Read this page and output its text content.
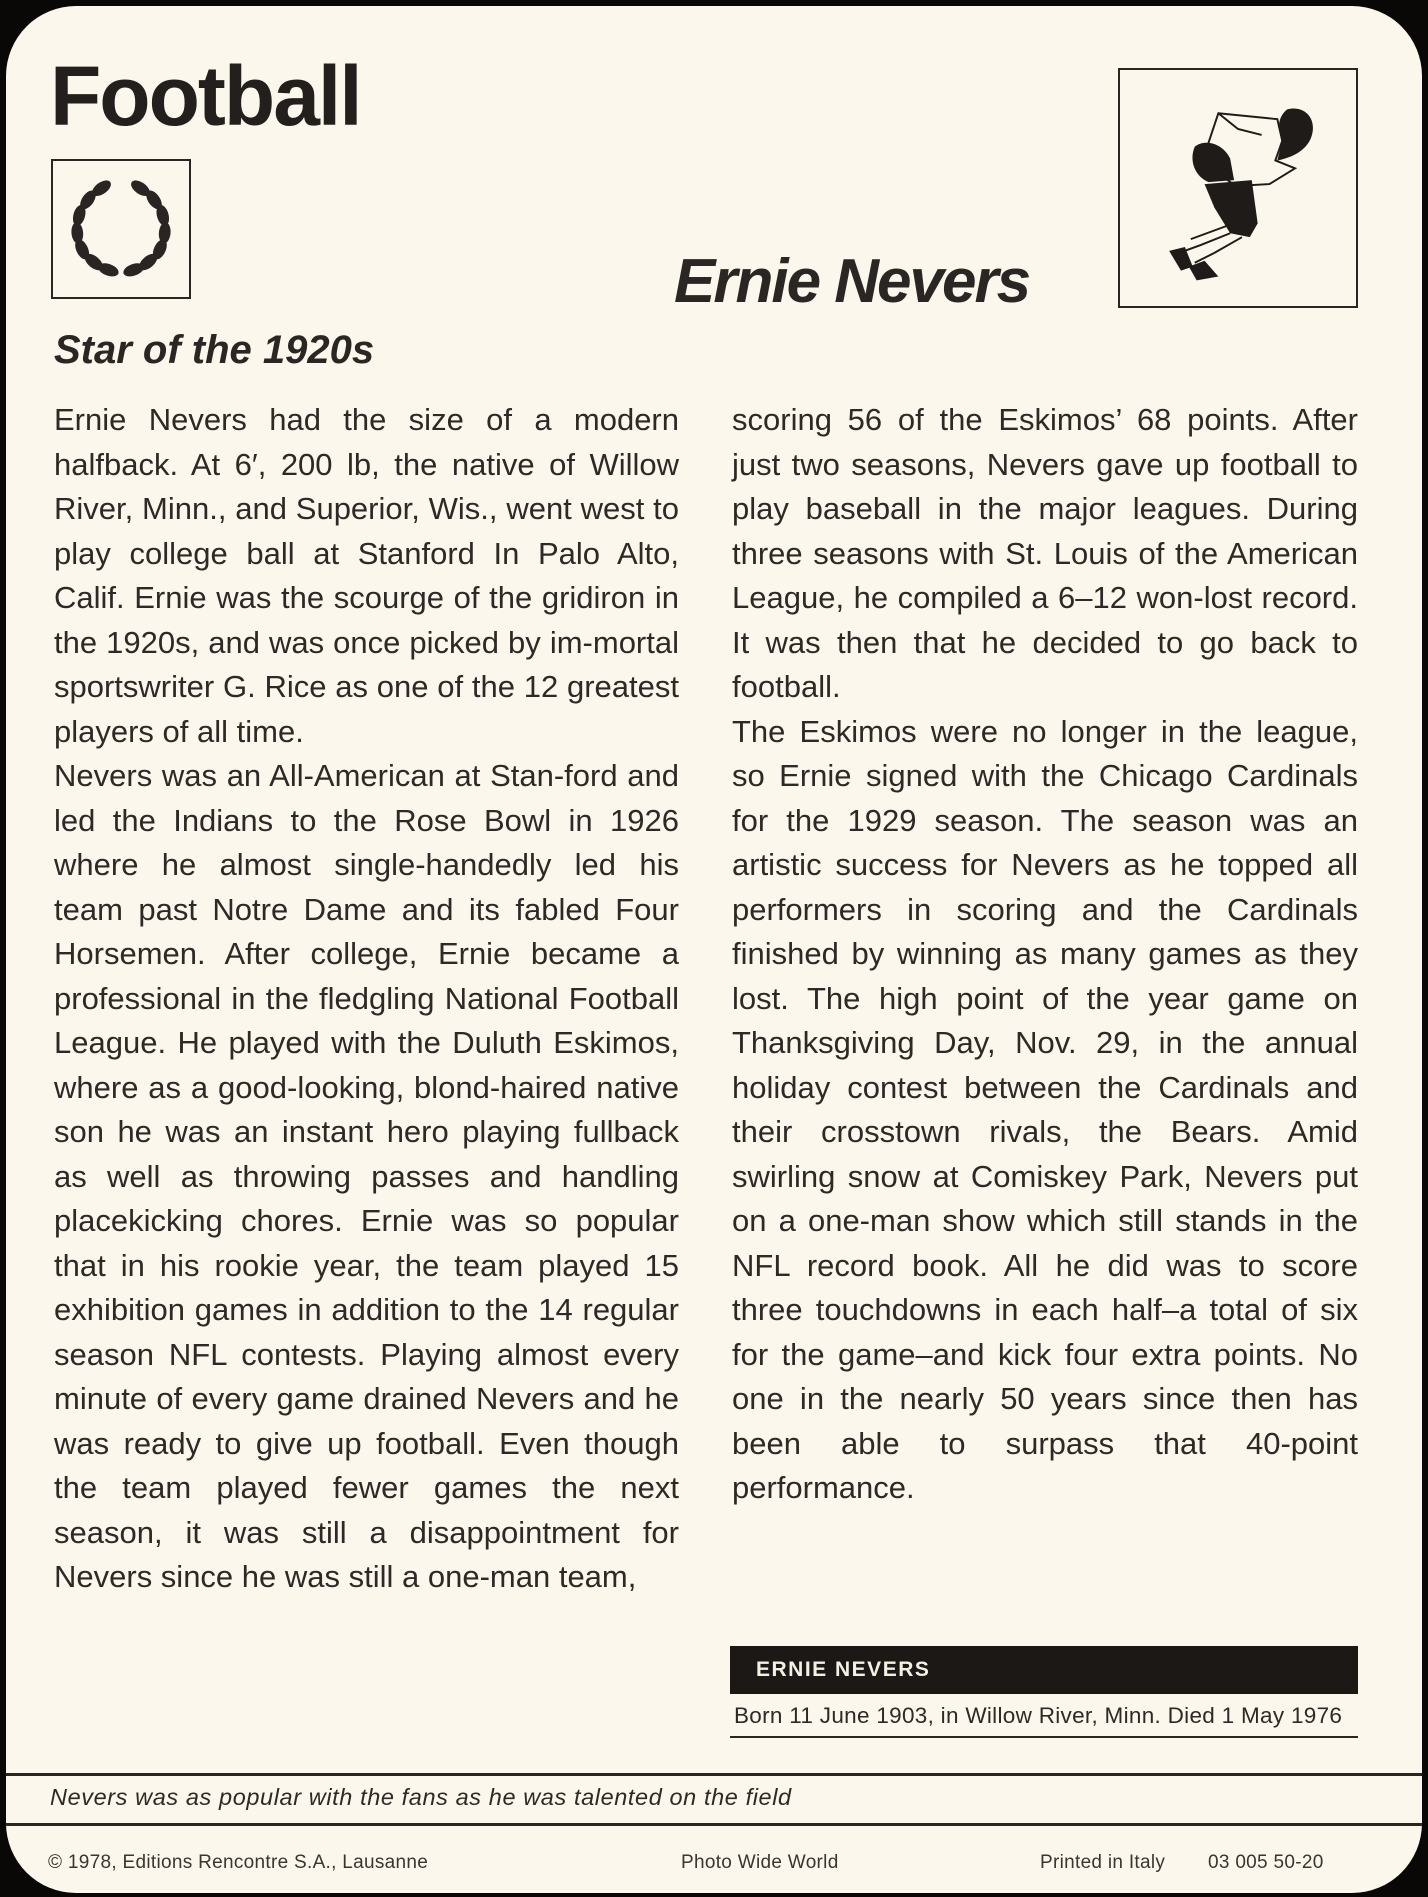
Football
Ernie Nevers
Star of the 1920s

Ernie Nevers had the size of a modern halfback. At 6′, 200 lb, the native of Willow River, Minn., and Superior, Wis., went west to play college ball at Stanford In Palo Alto, Calif. Ernie was the scourge of the gridiron in the 1920s, and was once picked by im-mortal sportswriter G. Rice as one of the 12 greatest players of all time.

Nevers was an All-American at Stan-ford and led the Indians to the Rose Bowl in 1926 where he almost single-handedly led his team past Notre Dame and its fabled Four Horsemen. After college, Ernie became a professional in the fledgling National Football League. He played with the Duluth Eskimos, where as a good-looking, blond-haired native son he was an instant hero playing fullback as well as throwing passes and handling placekicking chores. Ernie was so popular that in his rookie year, the team played 15 exhibition games in addition to the 14 regular season NFL contests. Playing almost every minute of every game drained Nevers and he was ready to give up football. Even though the team played fewer games the next season, it was still a disappointment for Nevers since he was still a one-man team,

scoring 56 of the Eskimos’ 68 points. After just two seasons, Nevers gave up football to play baseball in the major leagues. During three seasons with St. Louis of the American League, he compiled a 6–12 won-lost record. It was then that he decided to go back to football.

The Eskimos were no longer in the league, so Ernie signed with the Chicago Cardinals for the 1929 season. The season was an artistic success for Nevers as he topped all performers in scoring and the Cardinals finished by winning as many games as they lost. The high point of the year game on Thanksgiving Day, Nov. 29, in the annual holiday contest between the Cardinals and their crosstown rivals, the Bears. Amid swirling snow at Comiskey Park, Nevers put on a one-man show which still stands in the NFL record book. All he did was to score three touchdowns in each half–a total of six for the game–and kick four extra points. No one in the nearly 50 years since then has been able to surpass that 40-point performance.

ERNIE NEVERS
Born 11 June 1903, in Willow River, Minn. Died 1 May 1976
Nevers was as popular with the fans as he was talented on the field
© 1978, Editions Rencontre S.A., Lausanne	Photo Wide World	Printed in Italy 03 005 50-20
